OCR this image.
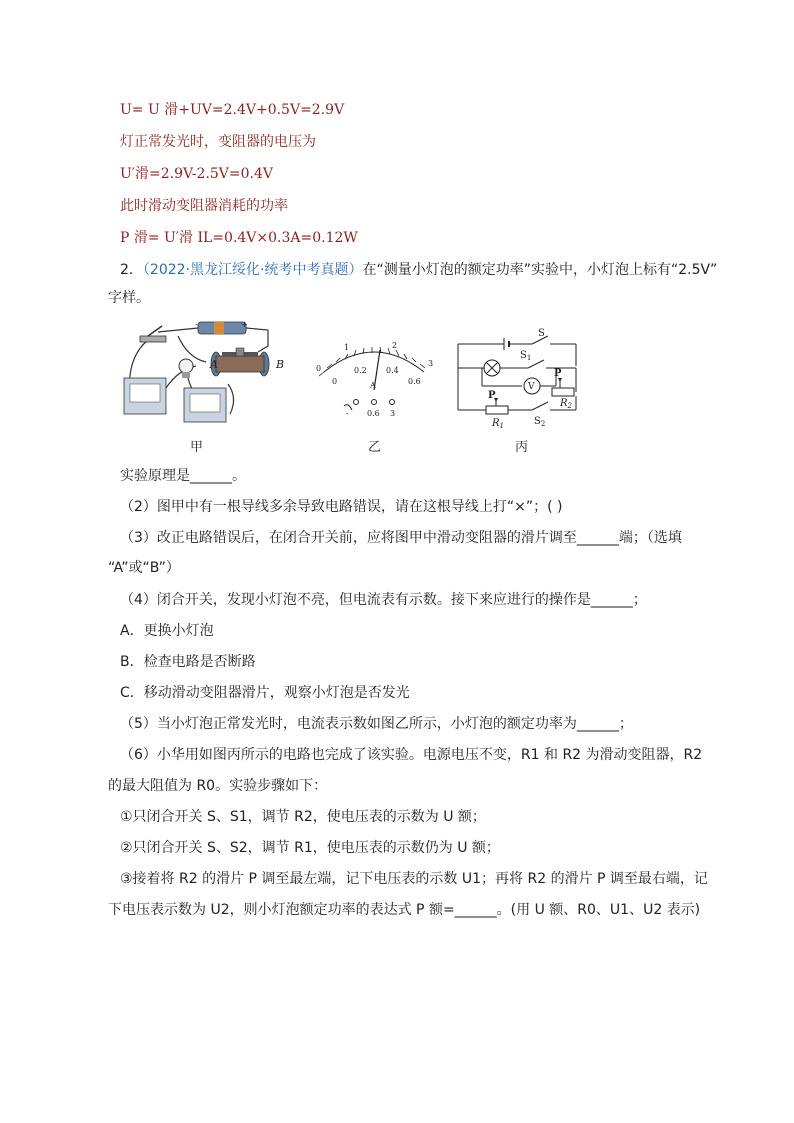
U= U 滑+UV=2.4V+0.5V=2.9V
灯正常发光时，变阻器的电压为
U′滑=2.9V-2.5V=0.4V
此时滑动变阻器消耗的功率
P 滑= U′滑 IL=0.4V×0.3A=0.12W
2．（2022·黑龙江绥化·统考中考真题）在“测量小灯泡的额定功率”实验中，小灯泡上标有“2.5V”
字样。
A	B
-	+
甲
0
1	2
3
0
0.2 0.4
0.6
A
- 0.6 3
乙
S
$S_1$
V
P
$R_2$
P
$R_1$	$S_2$
丙
实验原理是______。
（2）图甲中有一根导线多余导致电路错误，请在这根导线上打“×”；( )
（3）改正电路错误后，在闭合开关前，应将图甲中滑动变阻器的滑片调至______端；（选填
“A”或“B”）
（4）闭合开关，发现小灯泡不亮，但电流表有示数。接下来应进行的操作是______；
A．更换小灯泡
B．检查电路是否断路
C．移动滑动变阻器滑片，观察小灯泡是否发光
（5）当小灯泡正常发光时，电流表示数如图乙所示，小灯泡的额定功率为______；
（6）小华用如图丙所示的电路也完成了该实验。电源电压不变，R1 和 R2 为滑动变阻器，R2
的最大阻值为 R0。实验步骤如下：
①只闭合开关 S、S1，调节 R2，使电压表的示数为 U 额；
②只闭合开关 S、S2，调节 R1，使电压表的示数仍为 U 额；
③接着将 R2 的滑片 P 调至最左端，记下电压表的示数 U1；再将 R2 的滑片 P 调至最右端，记
下电压表示数为 U2，则小灯泡额定功率的表达式 P 额=______。(用 U 额、R0、U1、U2 表示)
